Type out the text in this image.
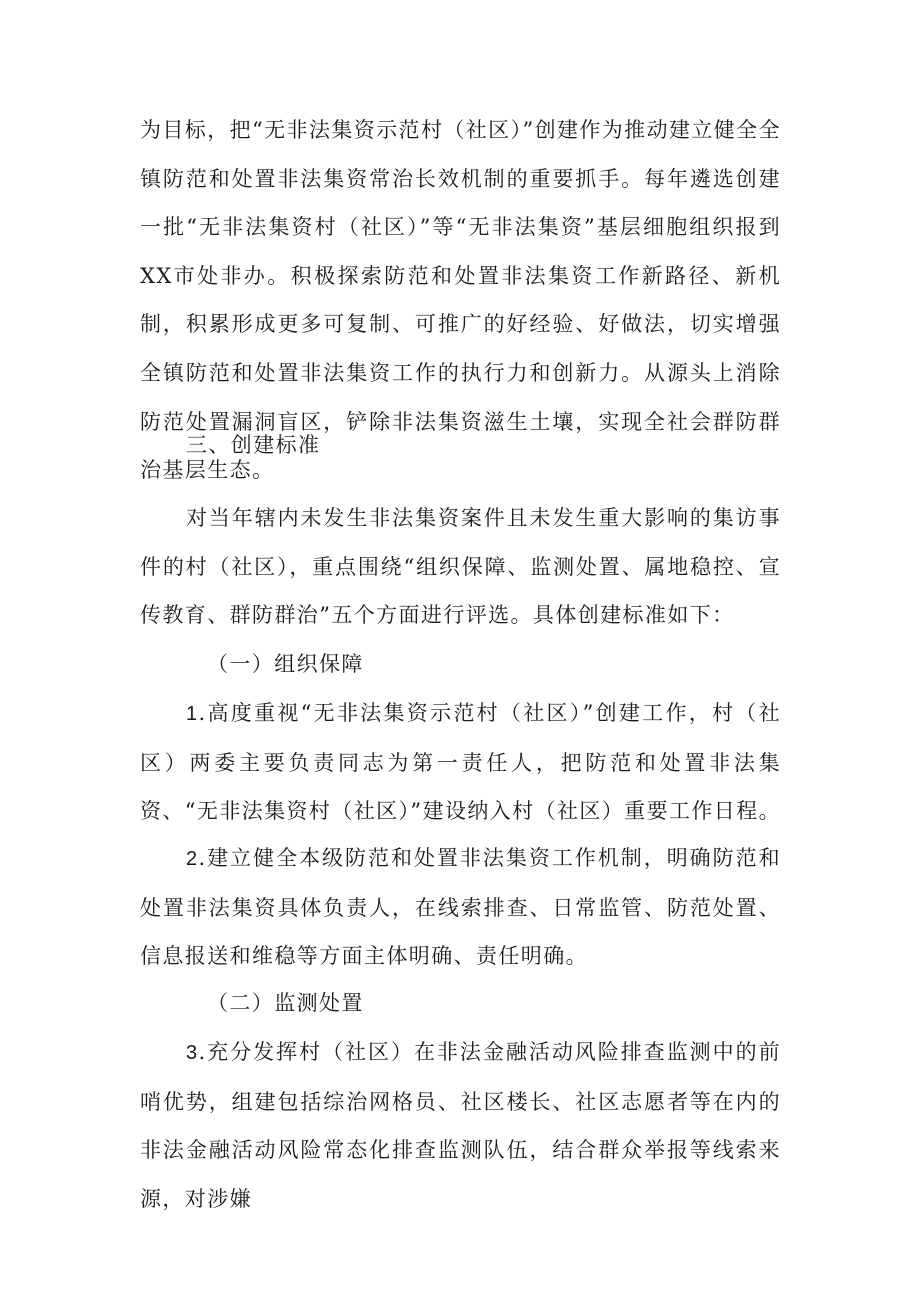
为目标，把“无非法集资示范村（社区）”创建作为推动建立健全全镇防范和处置非法集资常治长效机制的重要抓手。每年遴选创建一批“无非法集资村（社区）”等“无非法集资”基层细胞组织报到XX市处非办。积极探索防范和处置非法集资工作新路径、新机制，积累形成更多可复制、可推广的好经验、好做法，切实增强全镇防范和处置非法集资工作的执行力和创新力。从源头上消除防范处置漏洞盲区，铲除非法集资滋生土壤，实现全社会群防群治基层生态。

三、创建标准

对当年辖内未发生非法集资案件且未发生重大影响的集访事件的村（社区），重点围绕“组织保障、监测处置、属地稳控、宣传教育、群防群治”五个方面进行评选。具体创建标准如下：

（一）组织保障

1.高度重视“无非法集资示范村（社区）”创建工作，村（社区）两委主要负责同志为第一责任人，把防范和处置非法集资、“无非法集资村（社区）”建设纳入村（社区）重要工作日程。

2.建立健全本级防范和处置非法集资工作机制，明确防范和处置非法集资具体负责人，在线索排查、日常监管、防范处置、信息报送和维稳等方面主体明确、责任明确。

（二）监测处置

3.充分发挥村（社区）在非法金融活动风险排查监测中的前哨优势，组建包括综治网格员、社区楼长、社区志愿者等在内的非法金融活动风险常态化排查监测队伍，结合群众举报等线索来源，对涉嫌
